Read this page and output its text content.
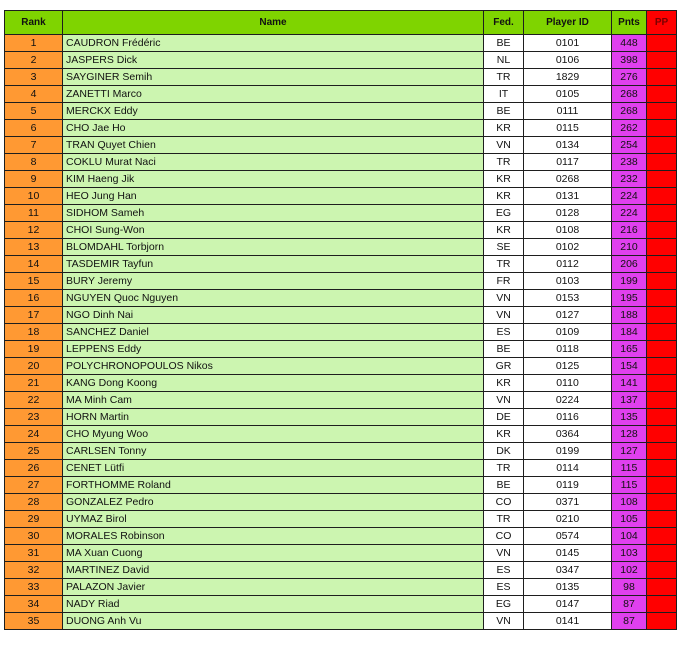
Rank	Name	Fed.	Player ID	Pnts	PP
1	CAUDRON Frédéric	BE	0101	448	
2	JASPERS Dick	NL	0106	398	
3	SAYGINER Semih	TR	1829	276	
4	ZANETTI Marco	IT	0105	268	
5	MERCKX Eddy	BE	0111	268	
6	CHO Jae Ho	KR	0115	262	
7	TRAN Quyet Chien	VN	0134	254	
8	COKLU Murat Naci	TR	0117	238	
9	KIM Haeng Jik	KR	0268	232	
10	HEO Jung Han	KR	0131	224	
11	SIDHOM Sameh	EG	0128	224	
12	CHOI Sung-Won	KR	0108	216	
13	BLOMDAHL Torbjorn	SE	0102	210	
14	TASDEMIR Tayfun	TR	0112	206	
15	BURY Jeremy	FR	0103	199	
16	NGUYEN Quoc Nguyen	VN	0153	195	
17	NGO Dinh Nai	VN	0127	188	
18	SANCHEZ Daniel	ES	0109	184	
19	LEPPENS Eddy	BE	0118	165	
20	POLYCHRONOPOULOS Nikos	GR	0125	154	
21	KANG Dong Koong	KR	0110	141	
22	MA Minh Cam	VN	0224	137	
23	HORN Martin	DE	0116	135	
24	CHO Myung Woo	KR	0364	128	
25	CARLSEN Tonny	DK	0199	127	
26	CENET Lütfi	TR	0114	115	
27	FORTHOMME Roland	BE	0119	115	
28	GONZALEZ Pedro	CO	0371	108	
29	UYMAZ Birol	TR	0210	105	
30	MORALES Robinson	CO	0574	104	
31	MA Xuan Cuong	VN	0145	103	
32	MARTINEZ David	ES	0347	102	
33	PALAZON Javier	ES	0135	98	
34	NADY Riad	EG	0147	87	
35	DUONG Anh Vu	VN	0141	87	
